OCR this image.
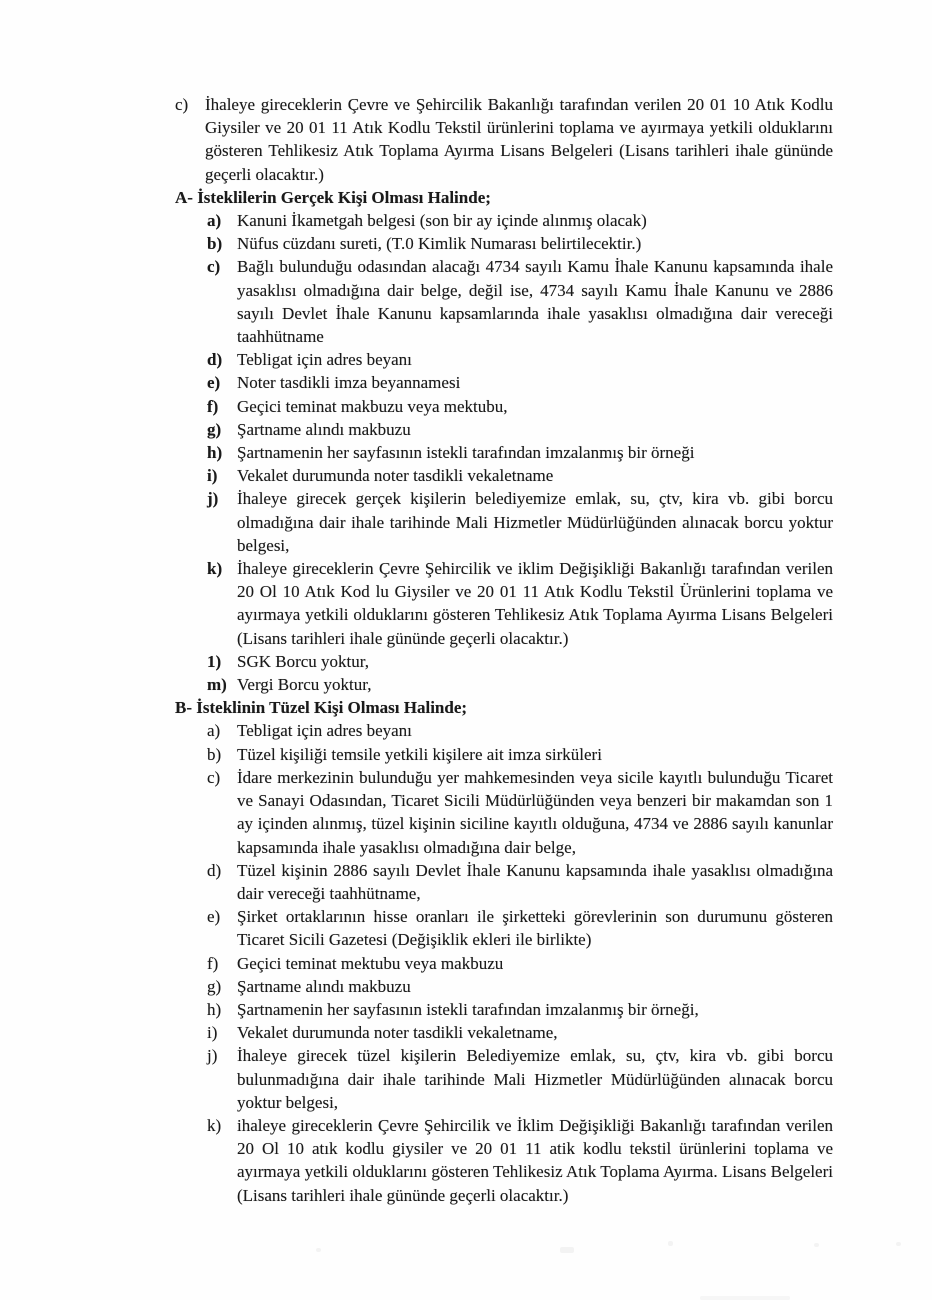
c) İhaleye gireceklerin Çevre ve Şehircilik Bakanlığı tarafından verilen 20 01 10 Atık Kodlu Giysiler ve 20 01 11 Atık Kodlu Tekstil ürünlerini toplama ve ayırmaya yetkili olduklarını gösteren Tehlikesiz Atık Toplama Ayırma Lisans Belgeleri (Lisans tarihleri ihale gününde geçerli olacaktır.)
A- İsteklilerin Gerçek Kişi Olması Halinde;
a) Kanuni İkametgah belgesi (son bir ay içinde alınmış olacak)
b) Nüfus cüzdanı sureti, (T.0 Kimlik Numarası belirtilecektir.)
c) Bağlı bulunduğu odasından alacağı 4734 sayılı Kamu İhale Kanunu kapsamında ihale yasaklısı olmadığına dair belge, değil ise, 4734 sayılı Kamu İhale Kanunu ve 2886 sayılı Devlet İhale Kanunu kapsamlarında ihale yasaklısı olmadığına dair vereceği taahhütname
d) Tebligat için adres beyanı
e) Noter tasdikli imza beyannamesi
f)	Geçici teminat makbuzu veya mektubu,
g) Şartname alındı makbuzu
h) Şartnamenin her sayfasının istekli tarafından imzalanmış bir örneği
i)	Vekalet durumunda noter tasdikli vekaletname
j)	İhaleye girecek gerçek kişilerin belediyemize emlak, su, çtv, kira vb. gibi borcu olmadığına dair ihale tarihinde Mali Hizmetler Müdürlüğünden alınacak borcu yoktur belgesi,
k) İhaleye gireceklerin Çevre Şehircilik ve iklim Değişikliği Bakanlığı tarafından verilen 20 Ol 10 Atık Kod lu Giysiler ve 20 01 11 Atık Kodlu Tekstil Ürünlerini toplama ve ayırmaya yetkili olduklarını gösteren Tehlikesiz Atık Toplama Ayırma Lisans Belgeleri (Lisans tarihleri ihale gününde geçerli olacaktır.)
1) SGK Borcu yoktur,
m) Vergi Borcu yoktur,
B- İsteklinin Tüzel Kişi Olması Halinde;
a) Tebligat için adres beyanı
b) Tüzel kişiliği temsile yetkili kişilere ait imza sirküleri
c) İdare merkezinin bulunduğu yer mahkemesinden veya sicile kayıtlı bulunduğu Ticaret ve Sanayi Odasından, Ticaret Sicili Müdürlüğünden veya benzeri bir makamdan son 1 ay içinden alınmış, tüzel kişinin siciline kayıtlı olduğuna, 4734 ve 2886 sayılı kanunlar kapsamında ihale yasaklısı olmadığına dair belge,
d) Tüzel kişinin 2886 sayılı Devlet İhale Kanunu kapsamında ihale yasaklısı olmadığına dair vereceği taahhütname,
e) Şirket ortaklarının hisse oranları ile şirketteki görevlerinin son durumunu gösteren Ticaret Sicili Gazetesi (Değişiklik ekleri ile birlikte)
f)	Geçici teminat mektubu veya makbuzu
g) Şartname alındı makbuzu
h) Şartnamenin her sayfasının istekli tarafından imzalanmış bir örneği,
i)	Vekalet durumunda noter tasdikli vekaletname,
j)	İhaleye girecek tüzel kişilerin Belediyemize emlak, su, çtv, kira vb. gibi borcu bulunmadığına dair ihale tarihinde Mali Hizmetler Müdürlüğünden alınacak borcu yoktur belgesi,
k) ihaleye gireceklerin Çevre Şehircilik ve İklim Değişikliği Bakanlığı tarafından verilen 20 Ol 10 atık kodlu giysiler ve 20 01 11 atik kodlu tekstil ürünlerini toplama ve ayırmaya yetkili olduklarını gösteren Tehlikesiz Atık Toplama Ayırma. Lisans Belgeleri (Lisans tarihleri ihale gününde geçerli olacaktır.)
